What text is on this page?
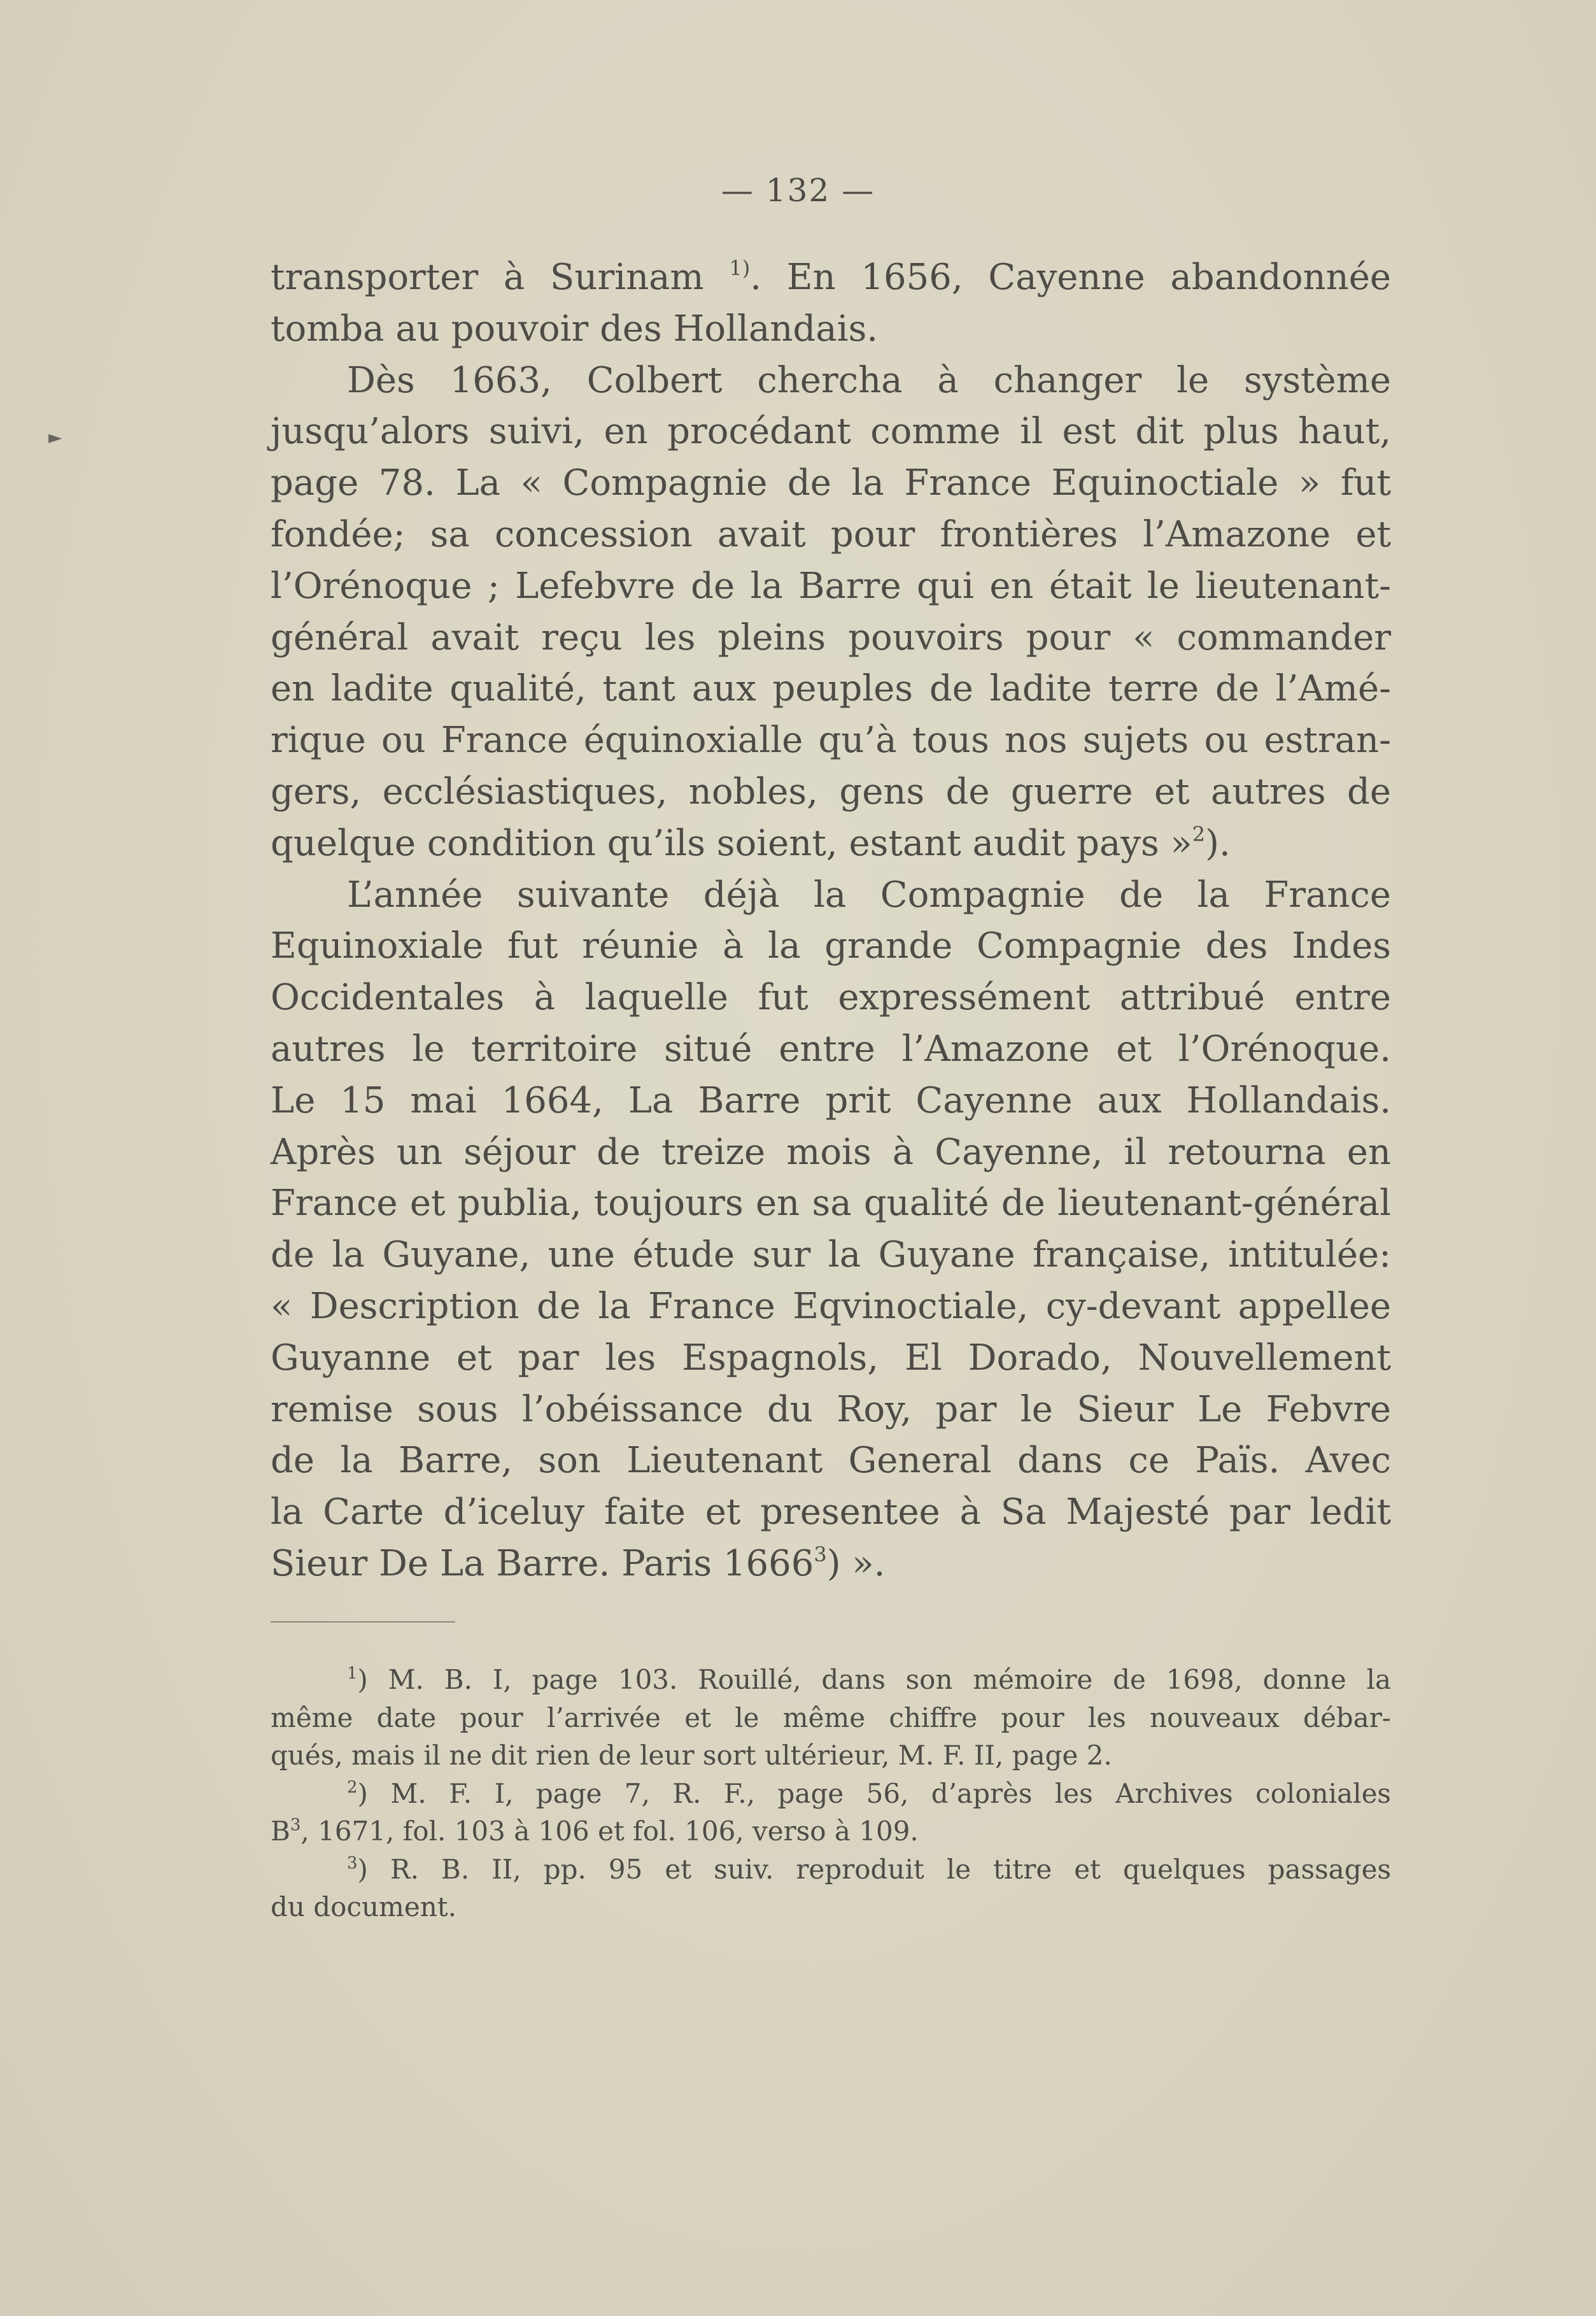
— 132 —
►
transporter à Surinam $^{1)}$. En 1656, Cayenne abandonnée
tomba au pouvoir des Hollandais.
Dès 1663, Colbert chercha à changer le système
jusqu’alors suivi, en procédant comme il est dit plus haut,
page 78. La « Compagnie de la France Equinoctiale » fut
fondée; sa concession avait pour frontières l’Amazone et
l’Orénoque ; Lefebvre de la Barre qui en était le lieutenant-
général avait reçu les pleins pouvoirs pour « commander
en ladite qualité, tant aux peuples de ladite terre de l’Amé-
rique ou France équinoxialle qu’à tous nos sujets ou estran-
gers, ecclésiastiques, nobles, gens de guerre et autres de
quelque condition qu’ils soient, estant audit pays »$^2$).
L’année suivante déjà la Compagnie de la France
Equinoxiale fut réunie à la grande Compagnie des Indes
Occidentales à laquelle fut expressément attribué entre
autres le territoire situé entre l’Amazone et l’Orénoque.
Le 15 mai 1664, La Barre prit Cayenne aux Hollandais.
Après un séjour de treize mois à Cayenne, il retourna en
France et publia, toujours en sa qualité de lieutenant-général
de la Guyane, une étude sur la Guyane française, intitulée:
« Description de la France Eqvinoctiale, cy-devant appellee
Guyanne et par les Espagnols, El Dorado, Nouvellement
remise sous l’obéissance du Roy, par le Sieur Le Febvre
de la Barre, son Lieutenant General dans ce Païs. Avec
la Carte d’iceluy faite et presentee à Sa Majesté par ledit
Sieur De La Barre. Paris 1666$^3$) ».
$^1$) M. B. I, page 103. Rouillé, dans son mémoire de 1698, donne la
même date pour l’arrivée et le même chiffre pour les nouveaux débar-
qués, mais il ne dit rien de leur sort ultérieur, M. F. II, page 2.
$^2$) M. F. I, page 7, R. F., page 56, d’après les Archives coloniales
$B^3$, 1671, fol. 103 à 106 et fol. 106, verso à 109.
$^3$) R. B. II, pp. 95 et suiv. reproduit le titre et quelques passages
du document.
